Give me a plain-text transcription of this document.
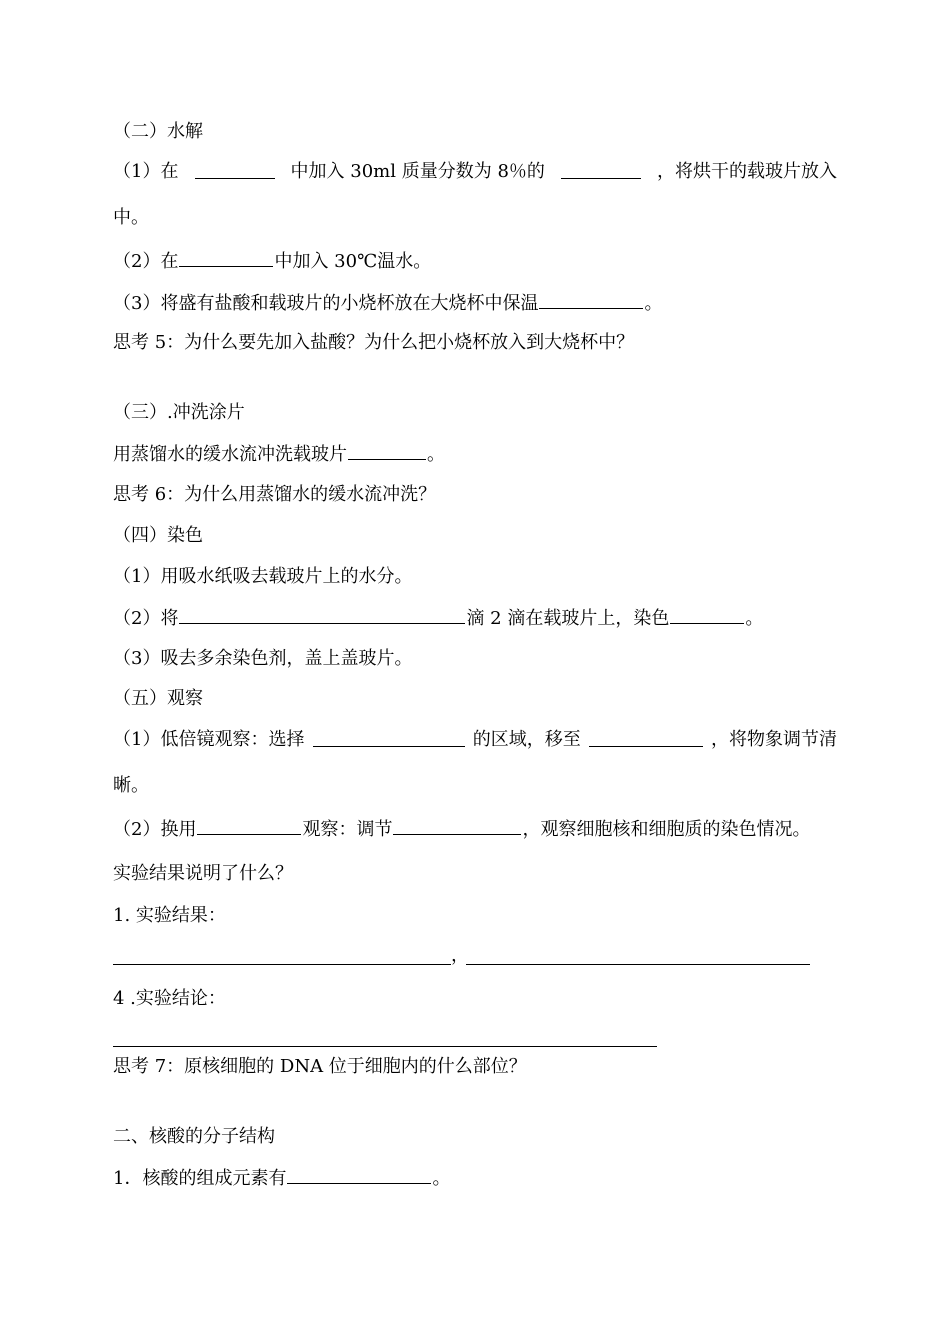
（二）水解
（1）在	中加入 30ml 质量分数为 8％的	，将烘干的载玻片放入
中。
（2）在	中加入 30℃温水。
（3）将盛有盐酸和载玻片的小烧杯放在大烧杯中保温	。
思考 5：为什么要先加入盐酸？为什么把小烧杯放入到大烧杯中？
（三）.冲洗涂片
用蒸馏水的缓水流冲洗载玻片	。
思考 6：为什么用蒸馏水的缓水流冲洗？
（四）染色
（1）用吸水纸吸去载玻片上的水分。
（2）将	滴 2 滴在载玻片上，染色	。
（3）吸去多余染色剂，盖上盖玻片。
（五）观察
（1）低倍镜观察：选择	的区域，移至	，将物象调节清
晰。
（2）换用	观察：调节	，观察细胞核和细胞质的染色情况。
实验结果说明了什么？
1. 实验结果：
，
4 .实验结论：
思考 7：原核细胞的 DNA 位于细胞内的什么部位？
二、核酸的分子结构
1．核酸的组成元素有	。
